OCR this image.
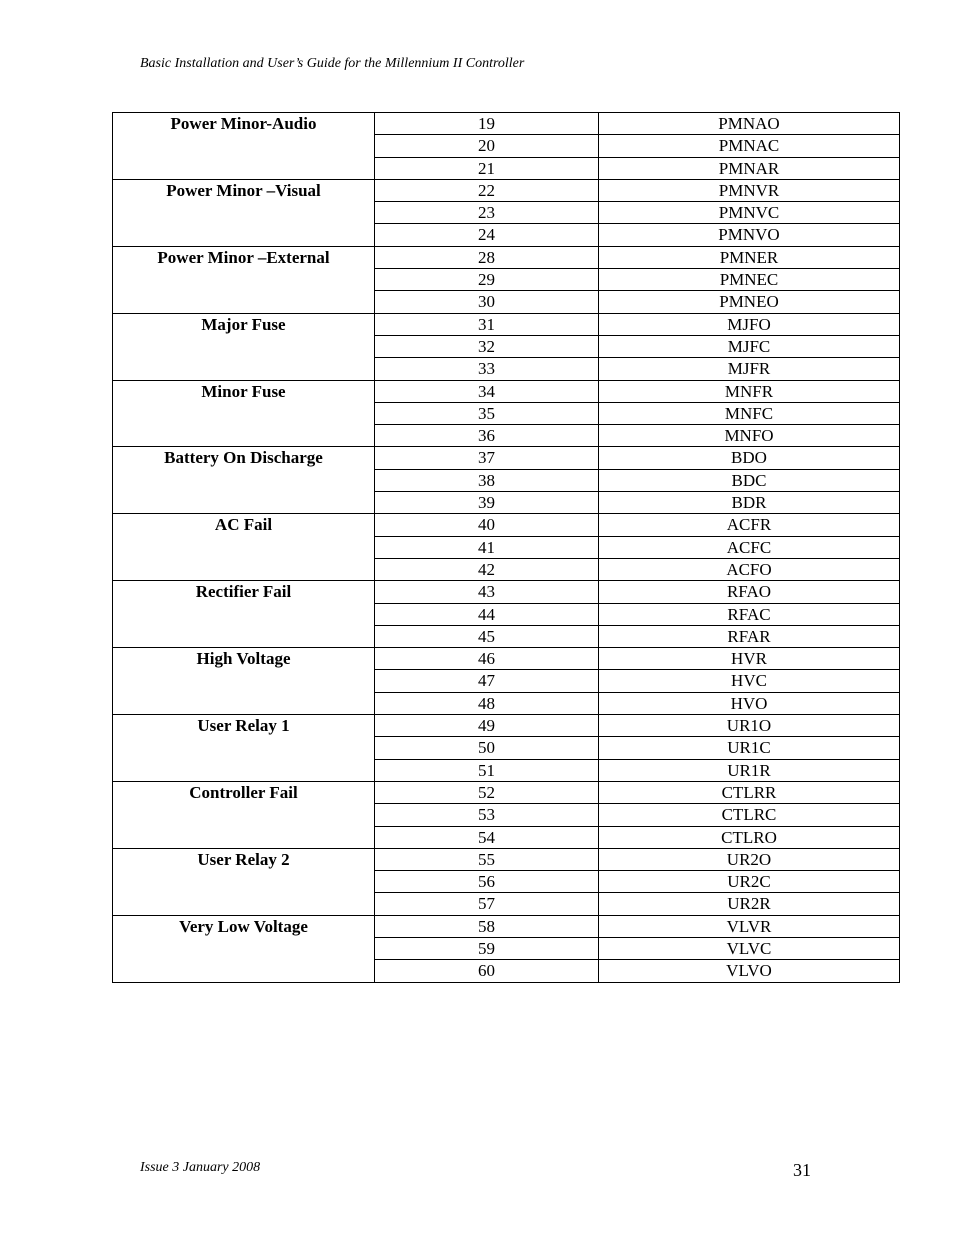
Basic Installation and User’s Guide for the Millennium II Controller
Power Minor-Audio	19	PMNAO
	20	PMNAC
	21	PMNAR
Power Minor –Visual	22	PMNVR
	23	PMNVC
	24	PMNVO
Power Minor –External	28	PMNER
	29	PMNEC
	30	PMNEO
Major Fuse	31	MJFO
	32	MJFC
	33	MJFR
Minor Fuse	34	MNFR
	35	MNFC
	36	MNFO
Battery On Discharge	37	BDO
	38	BDC
	39	BDR
AC Fail	40	ACFR
	41	ACFC
	42	ACFO
Rectifier Fail	43	RFAO
	44	RFAC
	45	RFAR
High Voltage	46	HVR
	47	HVC
	48	HVO
User Relay 1	49	UR1O
	50	UR1C
	51	UR1R
Controller Fail	52	CTLRR
	53	CTLRC
	54	CTLRO
User Relay 2	55	UR2O
	56	UR2C
	57	UR2R
Very Low Voltage	58	VLVR
	59	VLVC
	60	VLVO
Issue 3 January 2008	31
